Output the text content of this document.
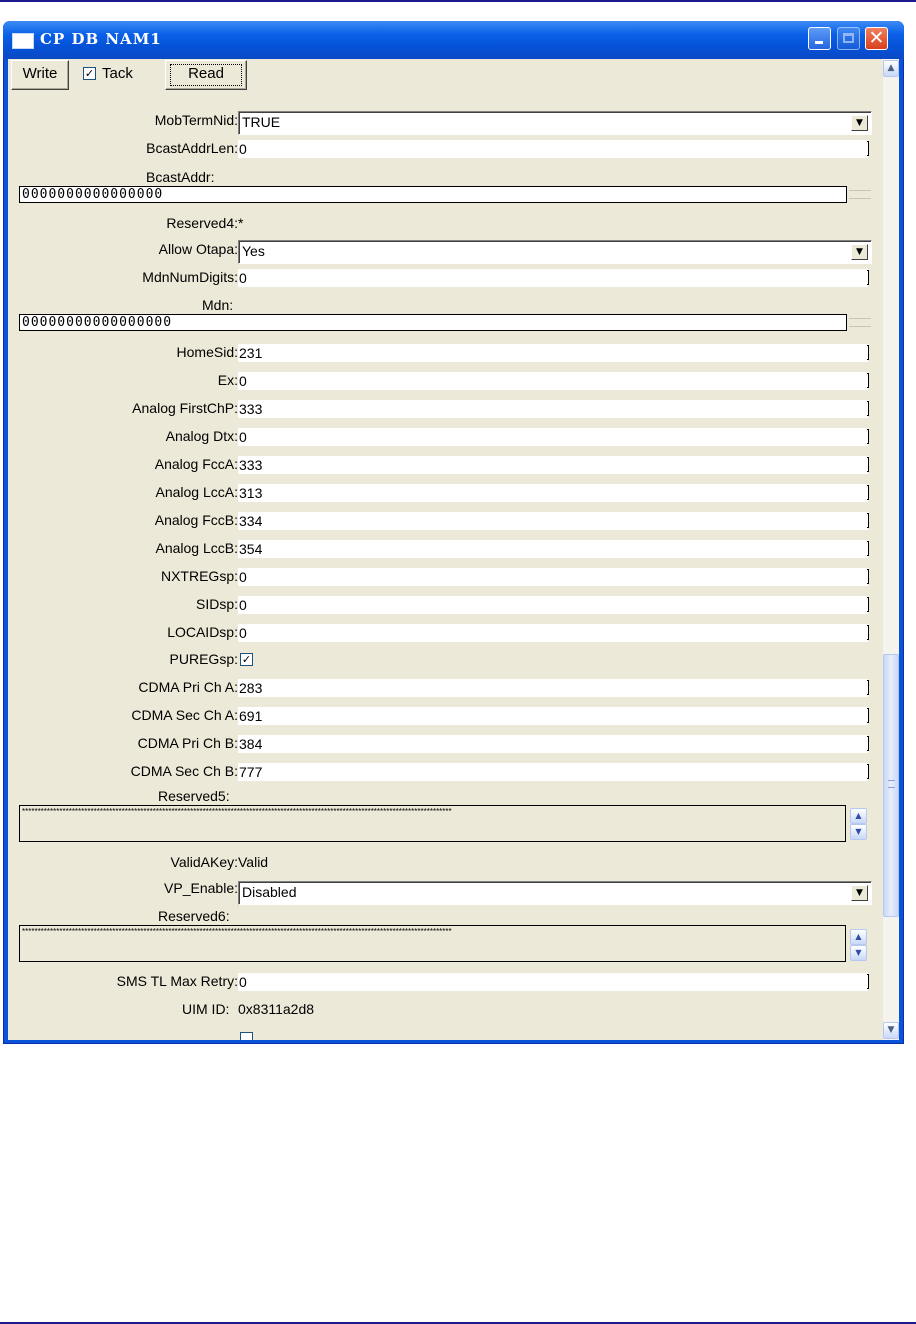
CP DB NAM1	✕
Write	✓ Tack	Read
MobTermNid: TRUE	▼
BcastAddrLen: 0
BcastAddr:
0000000000000000
Reserved4: *
Allow Otapa: Yes	▼
MdnNumDigits: 0
Mdn:
00000000000000000
HomeSid: 231
Ex: 0
Analog FirstChP: 333
Analog Dtx: 0
Analog FccA: 333
Analog LccA: 313
Analog FccB: 334
Analog LccB: 354
NXTREGsp: 0
SIDsp: 0
LOCAIDsp: 0
PUREGsp: ✓
CDMA Pri Ch A: 283
CDMA Sec Ch A: 691
CDMA Pri Ch B: 384
CDMA Sec Ch B: 777
Reserved5:
******************************************************************************************************************************************	▲
▼
ValidAKey: Valid
VP_Enable: Disabled	▼
Reserved6:
******************************************************************************************************************************************
▲
▼
SMS TL Max Retry: 0
UIM ID: 0x8311a2d8
▲
▼
